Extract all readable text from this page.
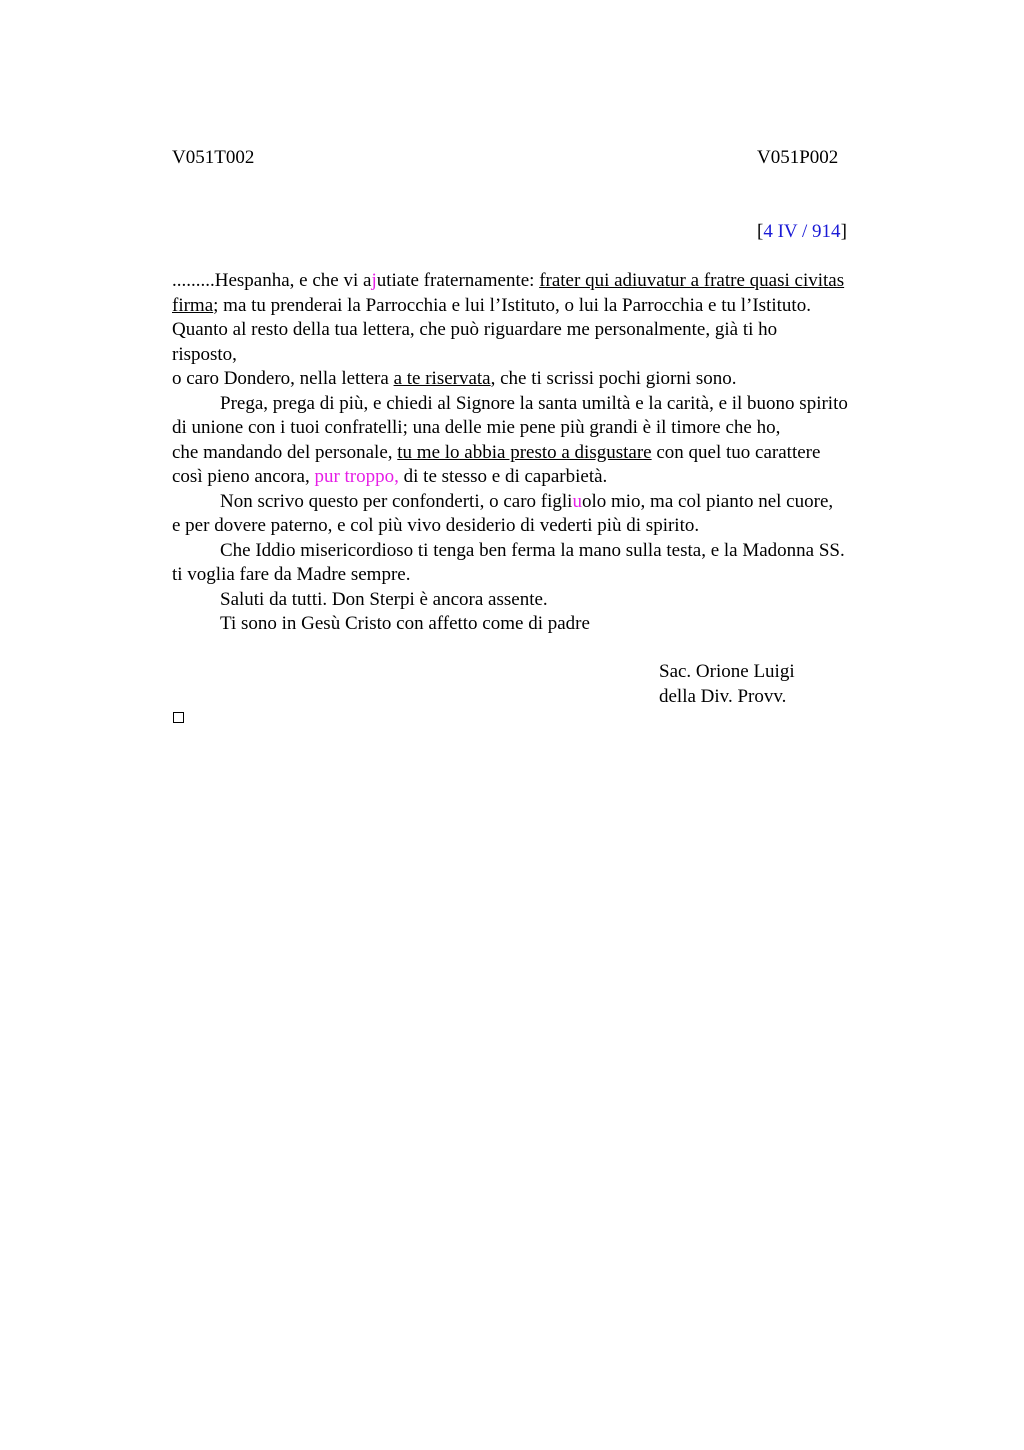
V051T002	V051P002
[4 IV / 914]
.........Hespanha, e che vi ajutiate fraternamente: frater qui adiuvatur a fratre quasi civitas
firma; ma tu prenderai la Parrocchia e lui l’Istituto, o lui la Parrocchia e tu l’Istituto.
Quanto al resto della tua lettera, che può riguardare me personalmente, già ti ho
risposto,
o caro Dondero, nella lettera a te riservata, che ti scrissi pochi giorni sono.
Prega, prega di più, e chiedi al Signore la santa umiltà e la carità, e il buono spirito
di unione con i tuoi confratelli; una delle mie pene più grandi è il timore che ho,
che mandando del personale, tu me lo abbia presto a disgustare con quel tuo carattere
così pieno ancora, pur troppo, di te stesso e di caparbietà.
Non scrivo questo per confonderti, o caro figliuolo mio, ma col pianto nel cuore,
e per dovere paterno, e col più vivo desiderio di vederti più di spirito.
Che Iddio misericordioso ti tenga ben ferma la mano sulla testa, e la Madonna SS.
ti voglia fare da Madre sempre.
Saluti da tutti. Don Sterpi è ancora assente.
Ti sono in Gesù Cristo con affetto come di padre
Sac. Orione Luigi
della Div. Provv.
